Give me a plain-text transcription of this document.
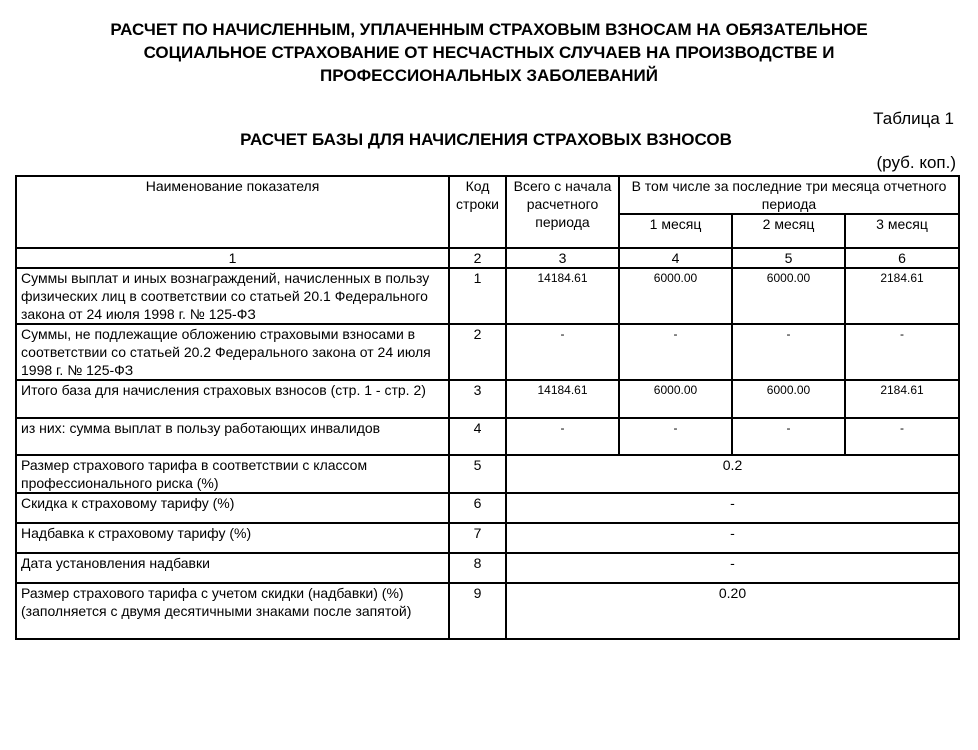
РАСЧЕТ ПО НАЧИСЛЕННЫМ, УПЛАЧЕННЫМ СТРАХОВЫМ ВЗНОСАМ НА ОБЯЗАТЕЛЬНОЕ
СОЦИАЛЬНОЕ СТРАХОВАНИЕ ОТ НЕСЧАСТНЫХ СЛУЧАЕВ НА ПРОИЗВОДСТВЕ И
ПРОФЕССИОНАЛЬНЫХ ЗАБОЛЕВАНИЙ
Таблица 1
РАСЧЕТ БАЗЫ ДЛЯ НАЧИСЛЕНИЯ СТРАХОВЫХ ВЗНОСОВ
(руб. коп.)
Наименование показателя	Код строки	Всего с начала расчетного периода	В том числе за последние три месяца отчетного периода		
			1 месяц	2 месяц	3 месяц
1	2	3	4	5	6
Суммы выплат и иных вознаграждений, начисленных в пользу физических лиц в соответствии со статьей 20.1 Федерального закона от 24 июля 1998 г. № 125-ФЗ	1	14184.61	6000.00	6000.00	2184.61
Суммы, не подлежащие обложению страховыми взносами в соответствии со статьей 20.2 Федерального закона от 24 июля 1998 г. № 125-ФЗ	2	-	-	-	-
Итого база для начисления страховых взносов (стр. 1 - стр. 2)	3	14184.61	6000.00	6000.00	2184.61
из них: сумма выплат в пользу работающих инвалидов	4	-	-	-	-
Размер страхового тарифа в соответствии с классом профессионального риска (%)	5	0.2			
Скидка к страховому тарифу (%)	6	-			
Надбавка к страховому тарифу (%)	7	-			
Дата установления надбавки	8	-			
Размер страхового тарифа с учетом скидки (надбавки) (%) (заполняется с двумя десятичными знаками после запятой)	9	0.20			
